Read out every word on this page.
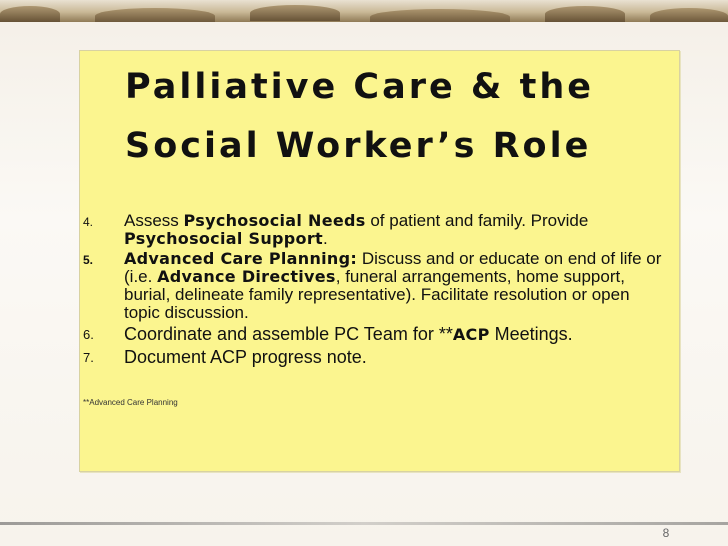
Palliative Care & the
Social Worker’s Role
4. Assess Psychosocial Needs of patient and family. Provide Psychosocial Support.
5. Advanced Care Planning: Discuss and or educate on end of life or (i.e. Advance Directives, funeral arrangements, home support, burial, delineate family representative). Facilitate resolution or open topic discussion.
6. Coordinate and assemble PC Team for **ACP Meetings.
7. Document ACP progress note.
**Advanced Care Planning
8
